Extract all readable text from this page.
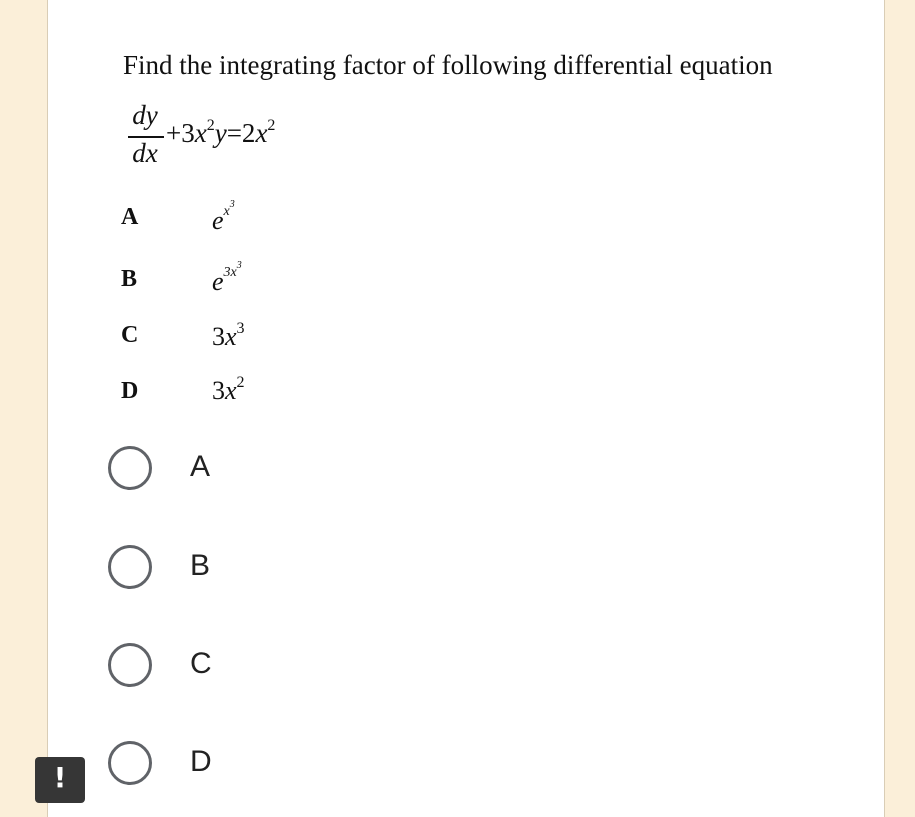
Find the integrating factor of following differential equation
dy
dx
$+3x^2y=2x^2$
A	$e^{x^3}$
B	$e^{3x^3}$
C	$3x^3$
D	$3x^2$
A
B
C
D
!
